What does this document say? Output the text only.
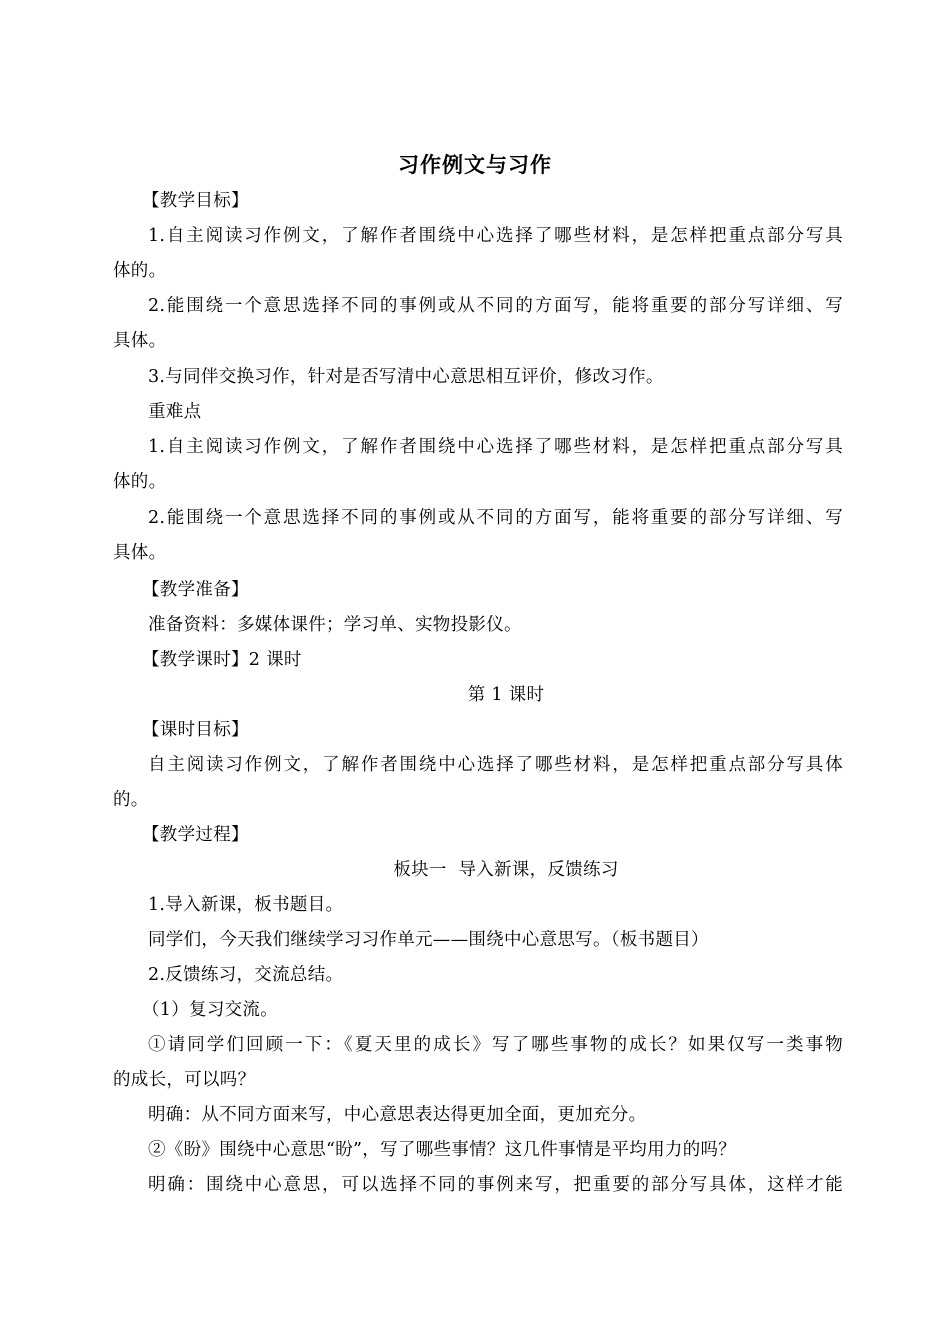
习作例文与习作
【教学目标】
1.自主阅读习作例文，了解作者围绕中心选择了哪些材料，是怎样把重点部分写具
体的。
2.能围绕一个意思选择不同的事例或从不同的方面写，能将重要的部分写详细、写
具体。
3.与同伴交换习作，针对是否写清中心意思相互评价，修改习作。
重难点
1.自主阅读习作例文，了解作者围绕中心选择了哪些材料，是怎样把重点部分写具
体的。
2.能围绕一个意思选择不同的事例或从不同的方面写，能将重要的部分写详细、写
具体。
【教学准备】
准备资料：多媒体课件；学习单、实物投影仪。
【教学课时】2 课时
第 1 课时
【课时目标】
自主阅读习作例文，了解作者围绕中心选择了哪些材料，是怎样把重点部分写具体
的。
【教学过程】
板块一  导入新课，反馈练习
1.导入新课，板书题目。
同学们，今天我们继续学习习作单元——围绕中心意思写。（板书题目）
2.反馈练习，交流总结。
（1）复习交流。
①请同学们回顾一下：《夏天里的成长》写了哪些事物的成长？如果仅写一类事物
的成长，可以吗？
明确：从不同方面来写，中心意思表达得更加全面，更加充分。
②《盼》围绕中心意思“盼”，写了哪些事情？这几件事情是平均用力的吗？
明确：围绕中心意思，可以选择不同的事例来写，把重要的部分写具体，这样才能
